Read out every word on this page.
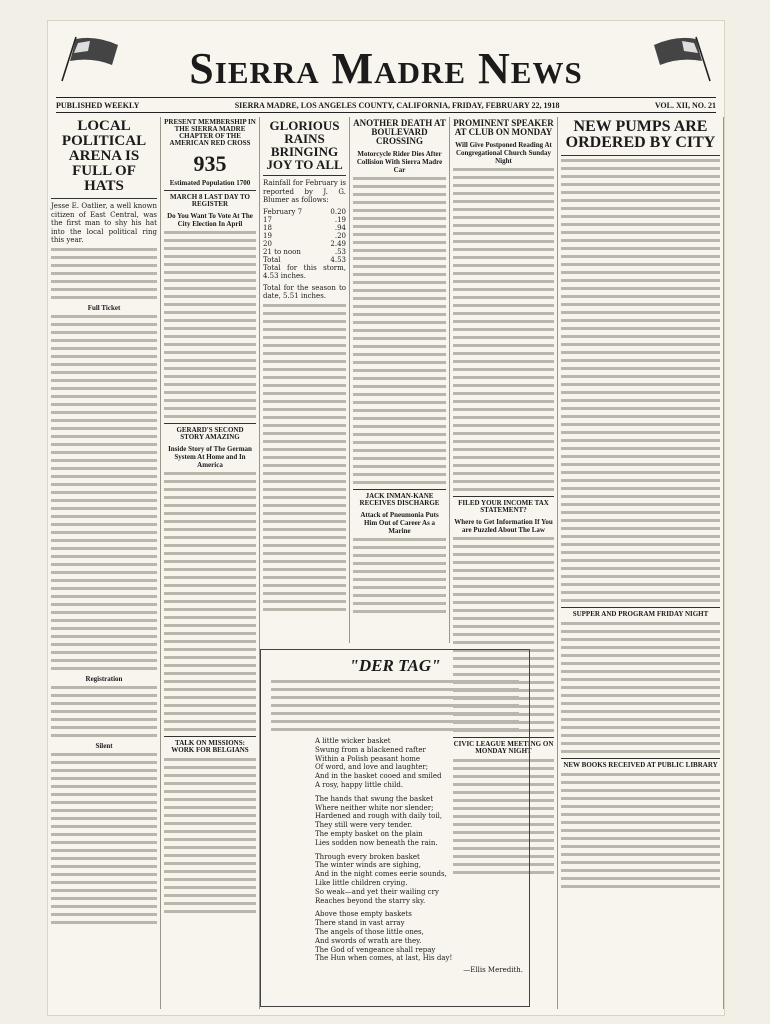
Sierra Madre News
PUBLISHED WEEKLY	SIERRA MADRE, LOS ANGELES COUNTY, CALIFORNIA, FRIDAY, FEBRUARY 22, 1918	VOL. XII, NO. 21
LOCAL POLITICAL ARENA IS FULL OF HATS

Jesse E. Oatlier, a well known citizen of East Central, was the first man to shy his hat into the local political ring this year.

Full Ticket
Registration
Silent
PRESENT MEMBERSHIP IN THE SIERRA MADRE CHAPTER OF THE AMERICAN RED CROSS
935
Estimated Population 1700
MARCH 8 LAST DAY TO REGISTER
Do You Want To Vote At The City Election In April
GERARD'S SECOND STORY AMAZING
Inside Story of The German System At Home and In America
TALK ON MISSIONS: WORK FOR BELGIANS
GLORIOUS RAINS BRINGING JOY TO ALL

Rainfall for February is reported by J. G. Blumer as follows:

February 7	0.20
17	.19
18	.94
19	.20
20	2.49
21 to noon	.53
Total	4.53

Total for this storm, 4.53 inches.

Total for the season to date, 5.51 inches.

ANOTHER DEATH AT BOULEVARD CROSSING
Motorcycle Rider Dies After Collision With Sierra Madre Car
JACK INMAN-KANE RECEIVES DISCHARGE
Attack of Pneumonia Puts Him Out of Career As a Marine
PROMINENT SPEAKER AT CLUB ON MONDAY
Will Give Postponed Reading At Congregational Church Sunday Night
FILED YOUR INCOME TAX STATEMENT?
Where to Get Information If You are Puzzled About The Law
CIVIC LEAGUE MEETING ON MONDAY NIGHT
NEW PUMPS ARE ORDERED BY CITY
SUPPER AND PROGRAM FRIDAY NIGHT
NEW BOOKS RECEIVED AT PUBLIC LIBRARY
"DER TAG"
A little wicker basket
Swung from a blackened rafter
Within a Polish peasant home
Of word, and love and laughter;
And in the basket cooed and smiled
A rosy, happy little child.
The hands that swung the basket
Where neither white nor slender;
Hardened and rough with daily toil,
They still were very tender.
The empty basket on the plain
Lies sodden now beneath the rain.
Through every broken basket
The winter winds are sighing,
And in the night comes eerie sounds,
Like little children crying.
So weak—and yet their wailing cry
Reaches beyond the starry sky.
Above those empty baskets
There stand in vast array
The angels of those little ones,
And swords of wrath are they.
The God of vengeance shall repay
The Hun when comes, at last, His day!
—Ellis Meredith.
